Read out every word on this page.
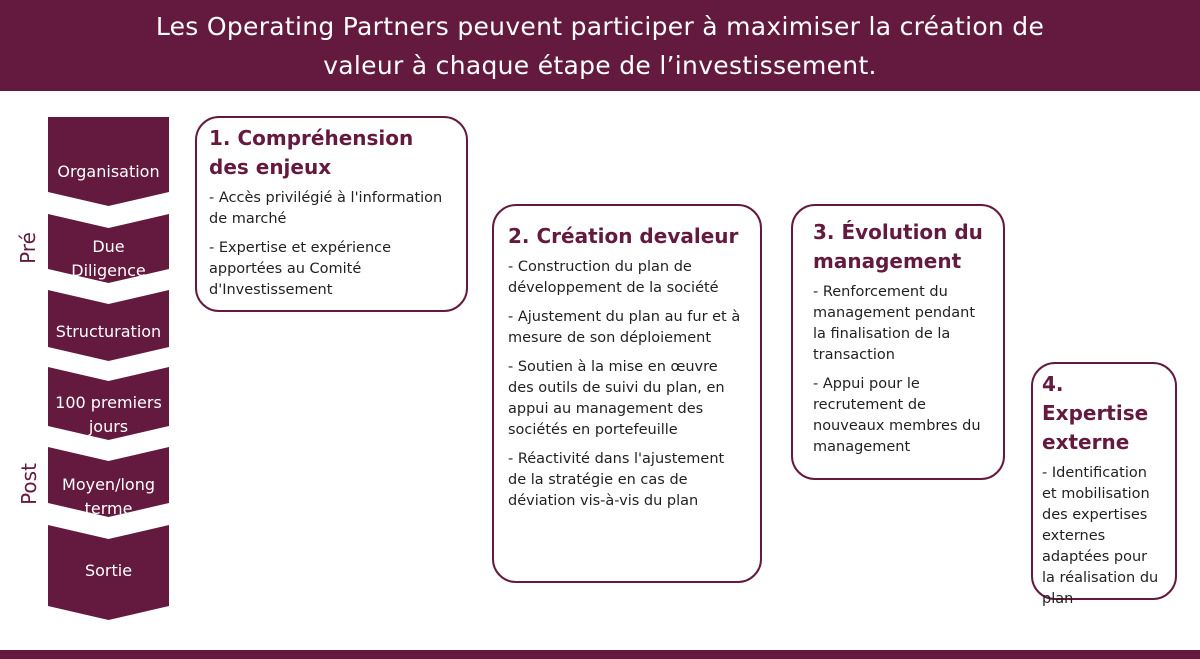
Les Operating Partners peuvent participer à maximiser la création de
valeur à chaque étape de l’investissement.
Organisation
Due
Diligence
Structuration
100 premiers
jours
Moyen/long
terme
Sortie
Pré
Post
1. Compréhension
des enjeux
- Accès privilégié à l'information
de marché
- Expertise et expérience
apportées au Comité
d'Investissement
2. Création devaleur
- Construction du plan de
développement de la société
- Ajustement du plan au fur et à
mesure de son déploiement
- Soutien à la mise en œuvre
des outils de suivi du plan, en
appui au management des
sociétés en portefeuille
- Réactivité dans l'ajustement
de la stratégie en cas de
déviation vis-à-vis du plan
3. Évolution du
management
- Renforcement du
management pendant
la finalisation de la
transaction
- Appui pour le
recrutement de
nouveaux membres du
management
4. Expertise
externe
- Identification
et mobilisation
des expertises
externes
adaptées pour
la réalisation du
plan
